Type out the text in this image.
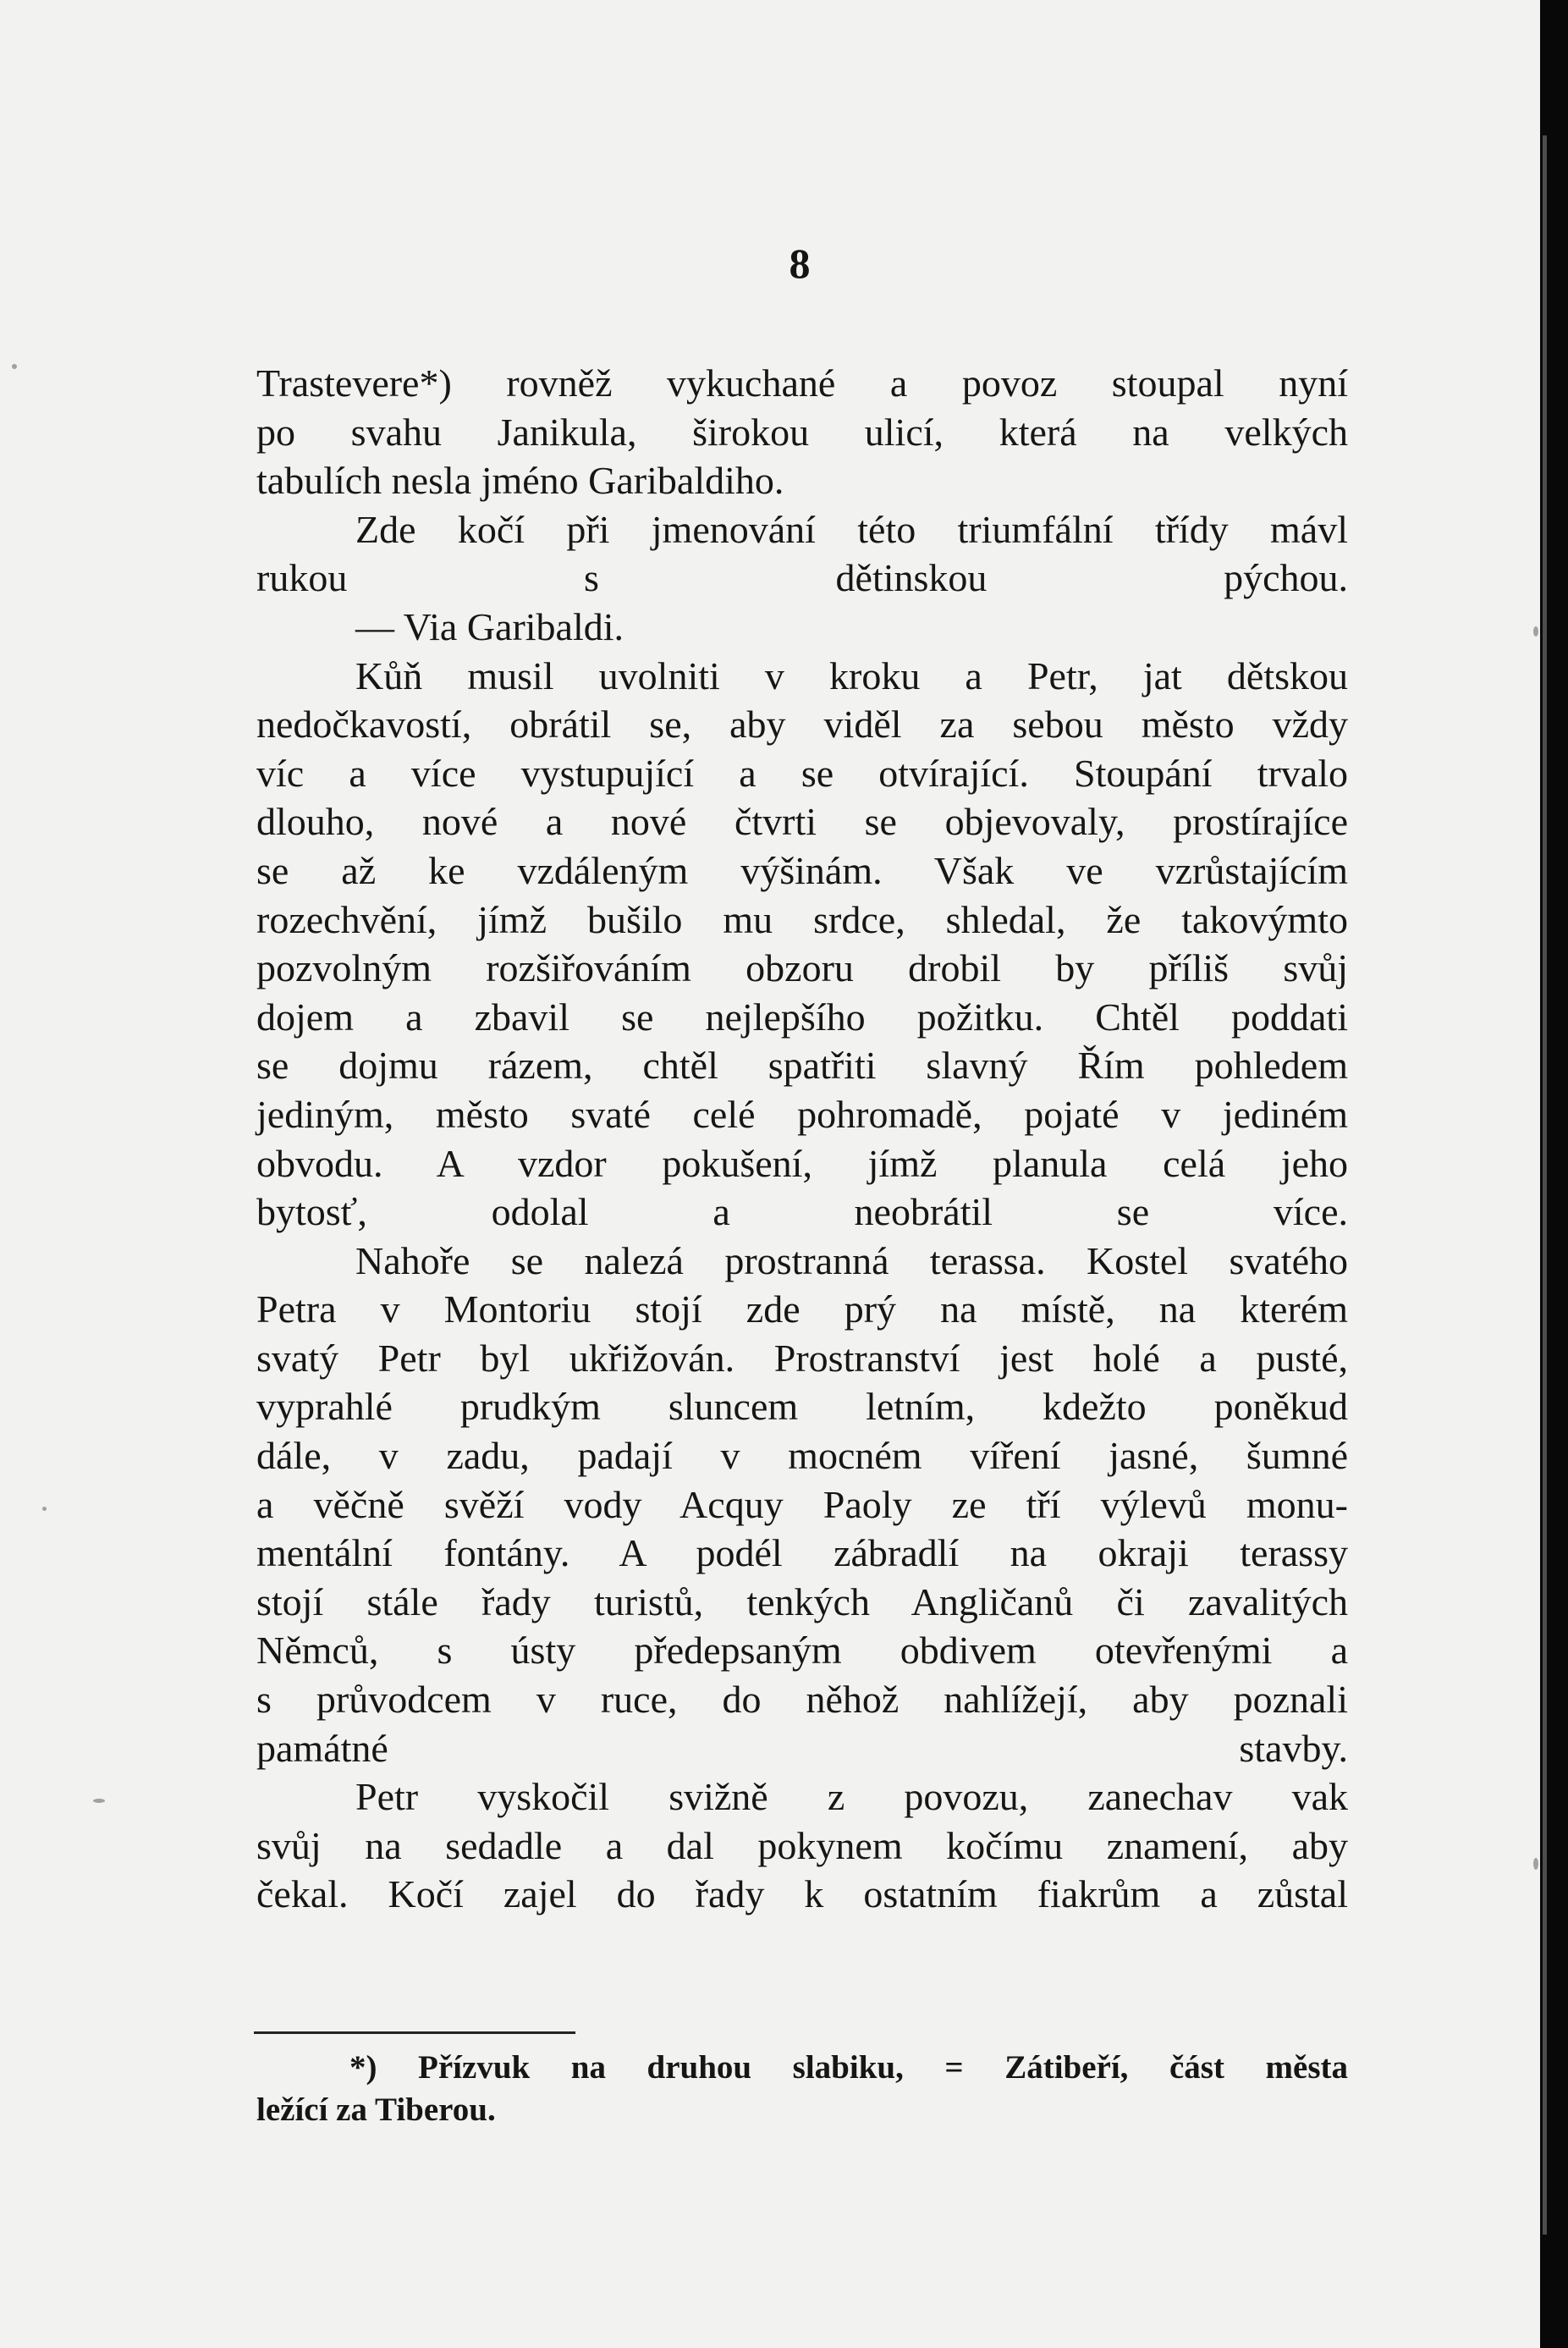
8

Trastevere*) rovněž vykuchané a povoz stoupal nyní
po svahu Janikula, širokou ulicí, která na velkých
tabulích nesla jméno Garibaldiho.

Zde kočí při jmenování této triumfální třídy mávl
rukou s dětinskou pýchou.

— Via Garibaldi.

Kůň musil uvolniti v kroku a Petr, jat dětskou
nedočkavostí, obrátil se, aby viděl za sebou město vždy
víc a více vystupující a se otvírající. Stoupání trvalo
dlouho, nové a nové čtvrti se objevovaly, prostírajíce
se až ke vzdáleným výšinám. Však ve vzrůstajícím
rozechvění, jímž bušilo mu srdce, shledal, že takovýmto
pozvolným rozšiřováním obzoru drobil by příliš svůj
dojem a zbavil se nejlepšího požitku. Chtěl poddati
se dojmu rázem, chtěl spatřiti slavný Řím pohledem
jediným, město svaté celé pohromadě, pojaté v jediném
obvodu. A vzdor pokušení, jímž planula celá jeho
bytosť, odolal a neobrátil se více.

Nahoře se nalezá prostranná terassa. Kostel svatého
Petra v Montoriu stojí zde prý na místě, na kterém
svatý Petr byl ukřižován. Prostranství jest holé a pusté,
vyprahlé prudkým sluncem letním, kdežto poněkud
dále, v zadu, padají v mocném víření jasné, šumné
a věčně svěží vody Acquy Paoly ze tří výlevů monu-
mentální fontány. A podél zábradlí na okraji terassy
stojí stále řady turistů, tenkých Angličanů či zavalitých
Němců, s ústy předepsaným obdivem otevřenými a
s průvodcem v ruce, do něhož nahlížejí, aby poznali
památné stavby.

Petr vyskočil svižně z povozu, zanechav vak
svůj na sedadle a dal pokynem kočímu znamení, aby
čekal. Kočí zajel do řady k ostatním fiakrům a zůstal

*) Přízvuk na druhou slabiku, = Zátibeří, část města

ležící za Tiberou.
